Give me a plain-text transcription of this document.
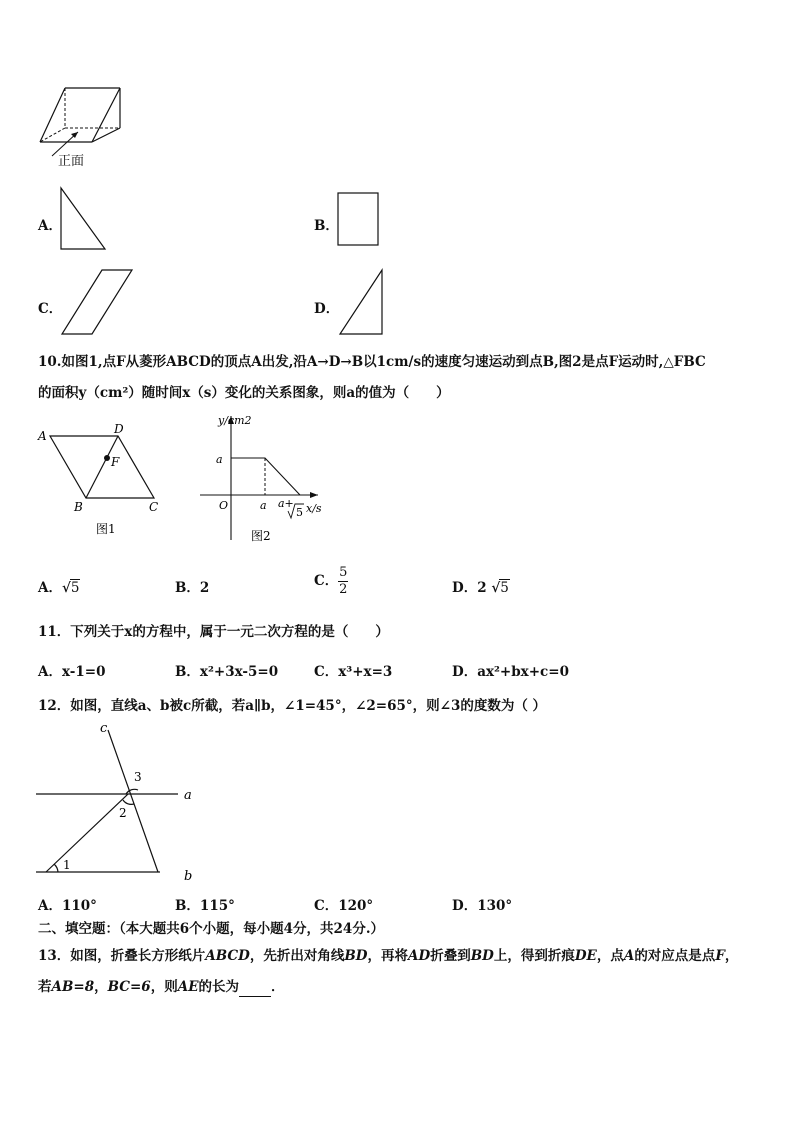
正面
A．	B．
C．	D．
10.如图1,点F从菱形ABCD的顶点A出发,沿A→D→B以1cm/s的速度匀速运动到点B,图2是点F运动时,△FBC
的面积y（cm²）随时间x（s）变化的关系图象，则a的值为（　　）
A	D
F
B	C
图1
y/cm2
a
O	a a+
5 x/s
图2
A．√5	B．2	C． $\frac{5}{2}$	D．2 √5
11．下列关于x的方程中，属于一元二次方程的是（　　）
A．x-1=0	B．x²+3x-5=0	C．x³+x=3	D．ax²+bx+c=0
12．如图，直线a、b被c所截，若a∥b，∠1=45°，∠2=65°，则∠3的度数为（ ）
c
a
b
1
2
3
A．110°	B．115°	C．120°	D．130°
二、填空题：（本大题共6个小题，每小题4分，共24分.）
13．如图，折叠长方形纸片ABCD，先折出对角线BD，再将AD折叠到BD上，得到折痕DE，点A的对应点是点F，
若AB=8，BC=6，则AE的长为 ．
